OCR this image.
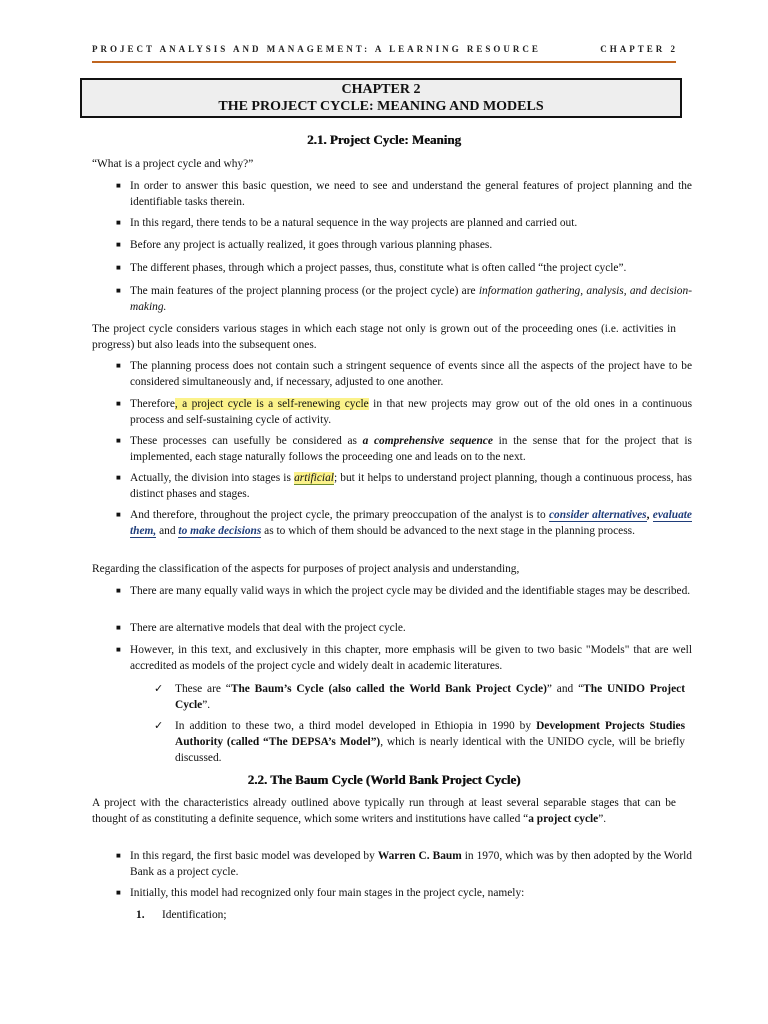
PROJECT ANALYSIS AND MANAGEMENT: A LEARNING RESOURCE	CHAPTER 2
CHAPTER 2
THE PROJECT CYCLE: MEANING AND MODELS
2.1. Project Cycle: Meaning
“What is a project cycle and why?”
■ In order to answer this basic question, we need to see and understand the general features of project planning and the identifiable tasks therein.
■ In this regard, there tends to be a natural sequence in the way projects are planned and carried out.
■ Before any project is actually realized, it goes through various planning phases.
■ The different phases, through which a project passes, thus, constitute what is often called “the project cycle”.
■ The main features of the project planning process (or the project cycle) are information gathering, analysis, and decision-making.
The project cycle considers various stages in which each stage not only is grown out of the proceeding ones (i.e. activities in progress) but also leads into the subsequent ones.
■ The planning process does not contain such a stringent sequence of events since all the aspects of the project have to be considered simultaneously and, if necessary, adjusted to one another.
■ Therefore, a project cycle is a self-renewing cycle in that new projects may grow out of the old ones in a continuous process and self-sustaining cycle of activity.
■ These processes can usefully be considered as a comprehensive sequence in the sense that for the project that is implemented, each stage naturally follows the proceeding one and leads on to the next.
■ Actually, the division into stages is artificial; but it helps to understand project planning, though a continuous process, has distinct phases and stages.
■ And therefore, throughout the project cycle, the primary preoccupation of the analyst is to consider alternatives, evaluate them, and to make decisions as to which of them should be advanced to the next stage in the planning process.
Regarding the classification of the aspects for purposes of project analysis and understanding,
■ There are many equally valid ways in which the project cycle may be divided and the identifiable stages may be described.
■ There are alternative models that deal with the project cycle.
■ However, in this text, and exclusively in this chapter, more emphasis will be given to two basic "Models" that are well accredited as models of the project cycle and widely dealt in academic literatures.
✓ These are “The Baum’s Cycle (also called the World Bank Project Cycle)” and “The UNIDO Project Cycle”.
✓ In addition to these two, a third model developed in Ethiopia in 1990 by Development Projects Studies Authority (called “The DEPSA’s Model”), which is nearly identical with the UNIDO cycle, will be briefly discussed.
2.2. The Baum Cycle (World Bank Project Cycle)
A project with the characteristics already outlined above typically run through at least several separable stages that can be thought of as constituting a definite sequence, which some writers and institutions have called “a project cycle”.
■ In this regard, the first basic model was developed by Warren C. Baum in 1970, which was by then adopted by the World Bank as a project cycle.
■ Initially, this model had recognized only four main stages in the project cycle, namely:
1. Identification;
